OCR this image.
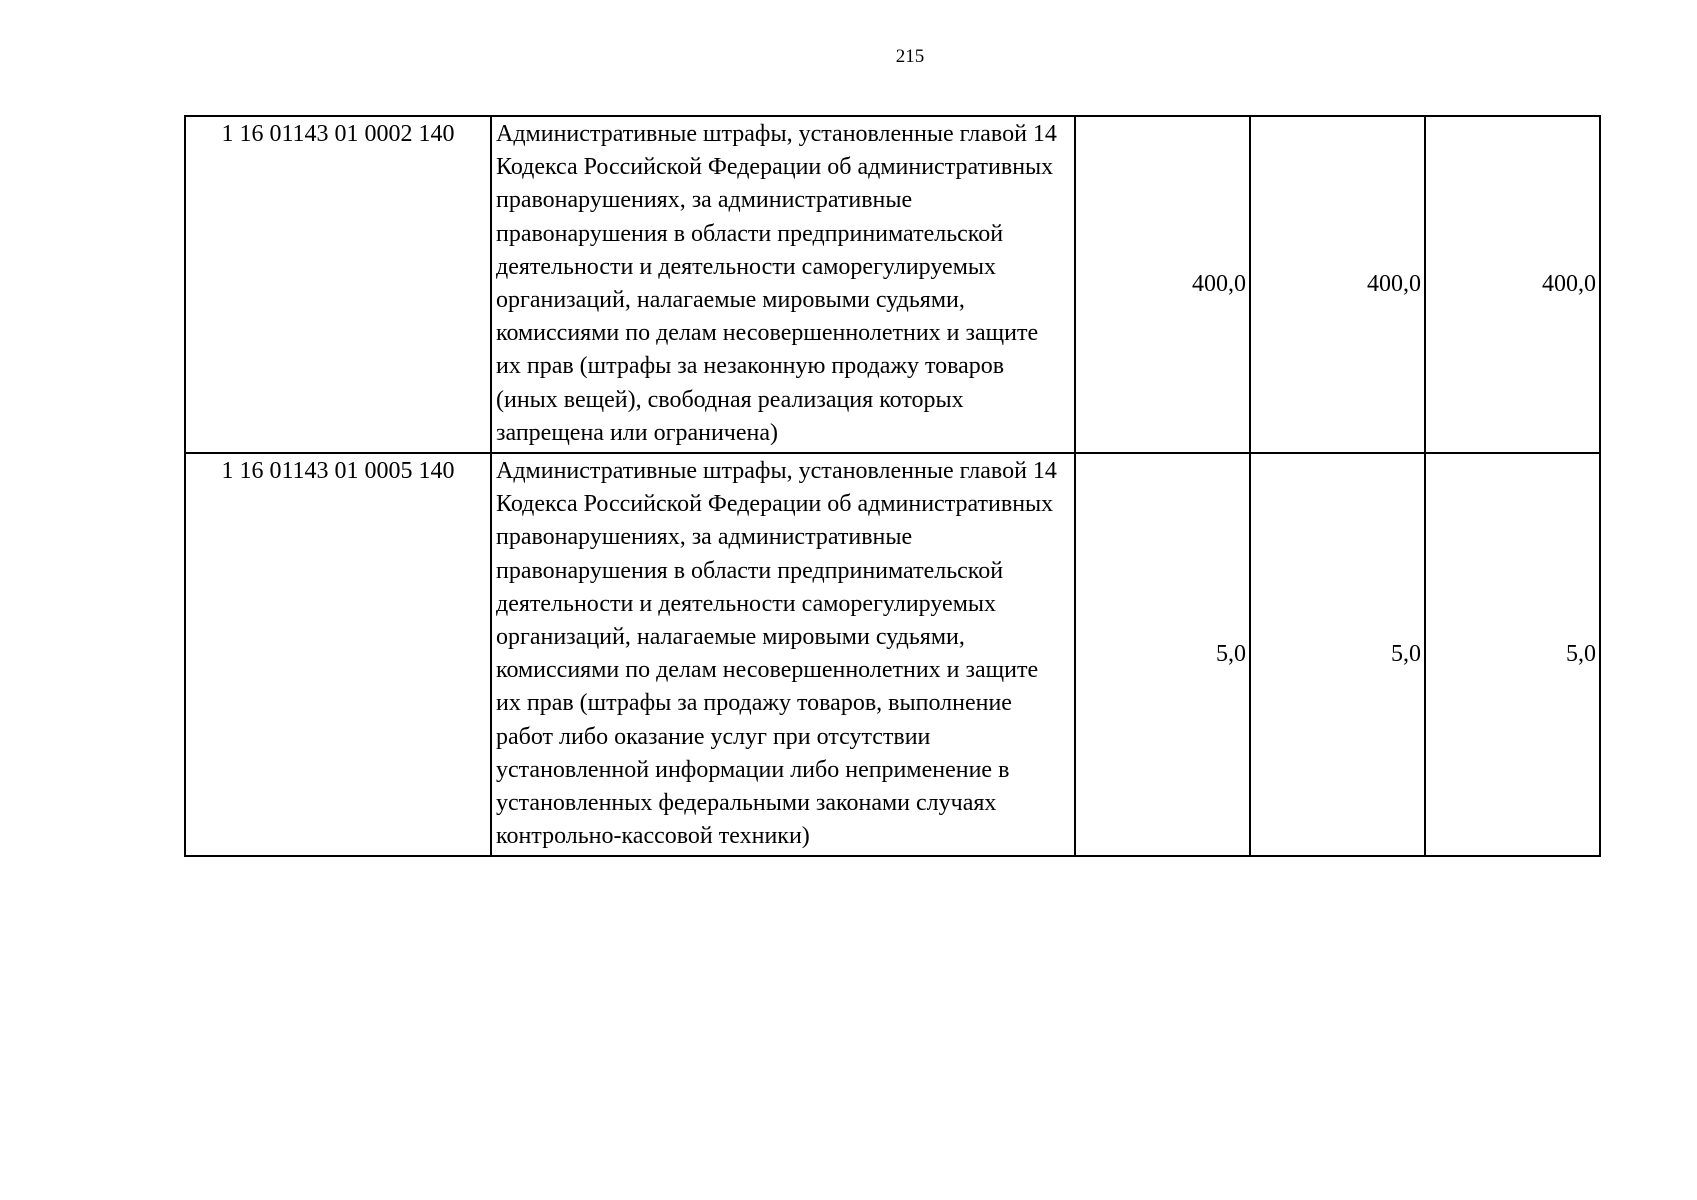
215
1 16 01143 01 0002 140	Административные штрафы, установленные главой 14 Кодекса Российской Федерации об административных правонарушениях, за административные правонарушения в области предпринимательской деятельности и деятельности саморегулируемых организаций, налагаемые мировыми судьями, комиссиями по делам несовершеннолетних и защите их прав (штрафы за незаконную продажу товаров (иных вещей), свободная реализация которых запрещена или ограничена)	400,0	400,0	400,0
1 16 01143 01 0005 140	Административные штрафы, установленные главой 14 Кодекса Российской Федерации об административных правонарушениях, за административные правонарушения в области предпринимательской деятельности и деятельности саморегулируемых организаций, налагаемые мировыми судьями, комиссиями по делам несовершеннолетних и защите их прав (штрафы за продажу товаров, выполнение работ либо оказание услуг при отсутствии установленной информации либо неприменение в установленных федеральными законами случаях контрольно-кассовой техники)	5,0	5,0	5,0
